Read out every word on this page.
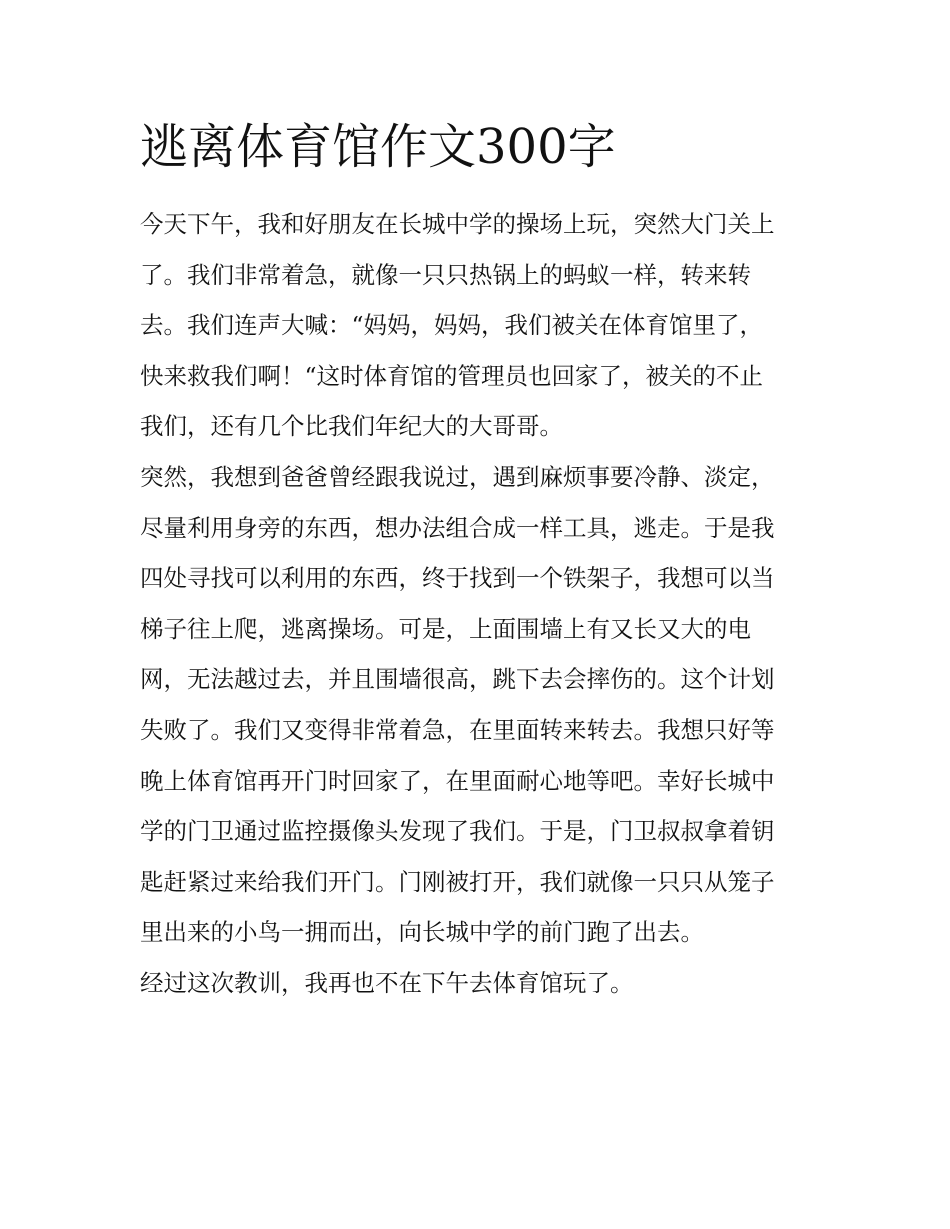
逃离体育馆作文300字

今天下午，我和好朋友在长城中学的操场上玩，突然大门关上
了。我们非常着急，就像一只只热锅上的蚂蚁一样，转来转
去。我们连声大喊：“妈妈，妈妈，我们被关在体育馆里了，
快来救我们啊！“这时体育馆的管理员也回家了，被关的不止
我们，还有几个比我们年纪大的大哥哥。

突然，我想到爸爸曾经跟我说过，遇到麻烦事要冷静、淡定，
尽量利用身旁的东西，想办法组合成一样工具，逃走。于是我
四处寻找可以利用的东西，终于找到一个铁架子，我想可以当
梯子往上爬，逃离操场。可是，上面围墙上有又长又大的电
网，无法越过去，并且围墙很高，跳下去会摔伤的。这个计划
失败了。我们又变得非常着急，在里面转来转去。我想只好等
晚上体育馆再开门时回家了，在里面耐心地等吧。幸好长城中
学的门卫通过监控摄像头发现了我们。于是，门卫叔叔拿着钥
匙赶紧过来给我们开门。门刚被打开，我们就像一只只从笼子
里出来的小鸟一拥而出，向长城中学的前门跑了出去。

经过这次教训，我再也不在下午去体育馆玩了。
